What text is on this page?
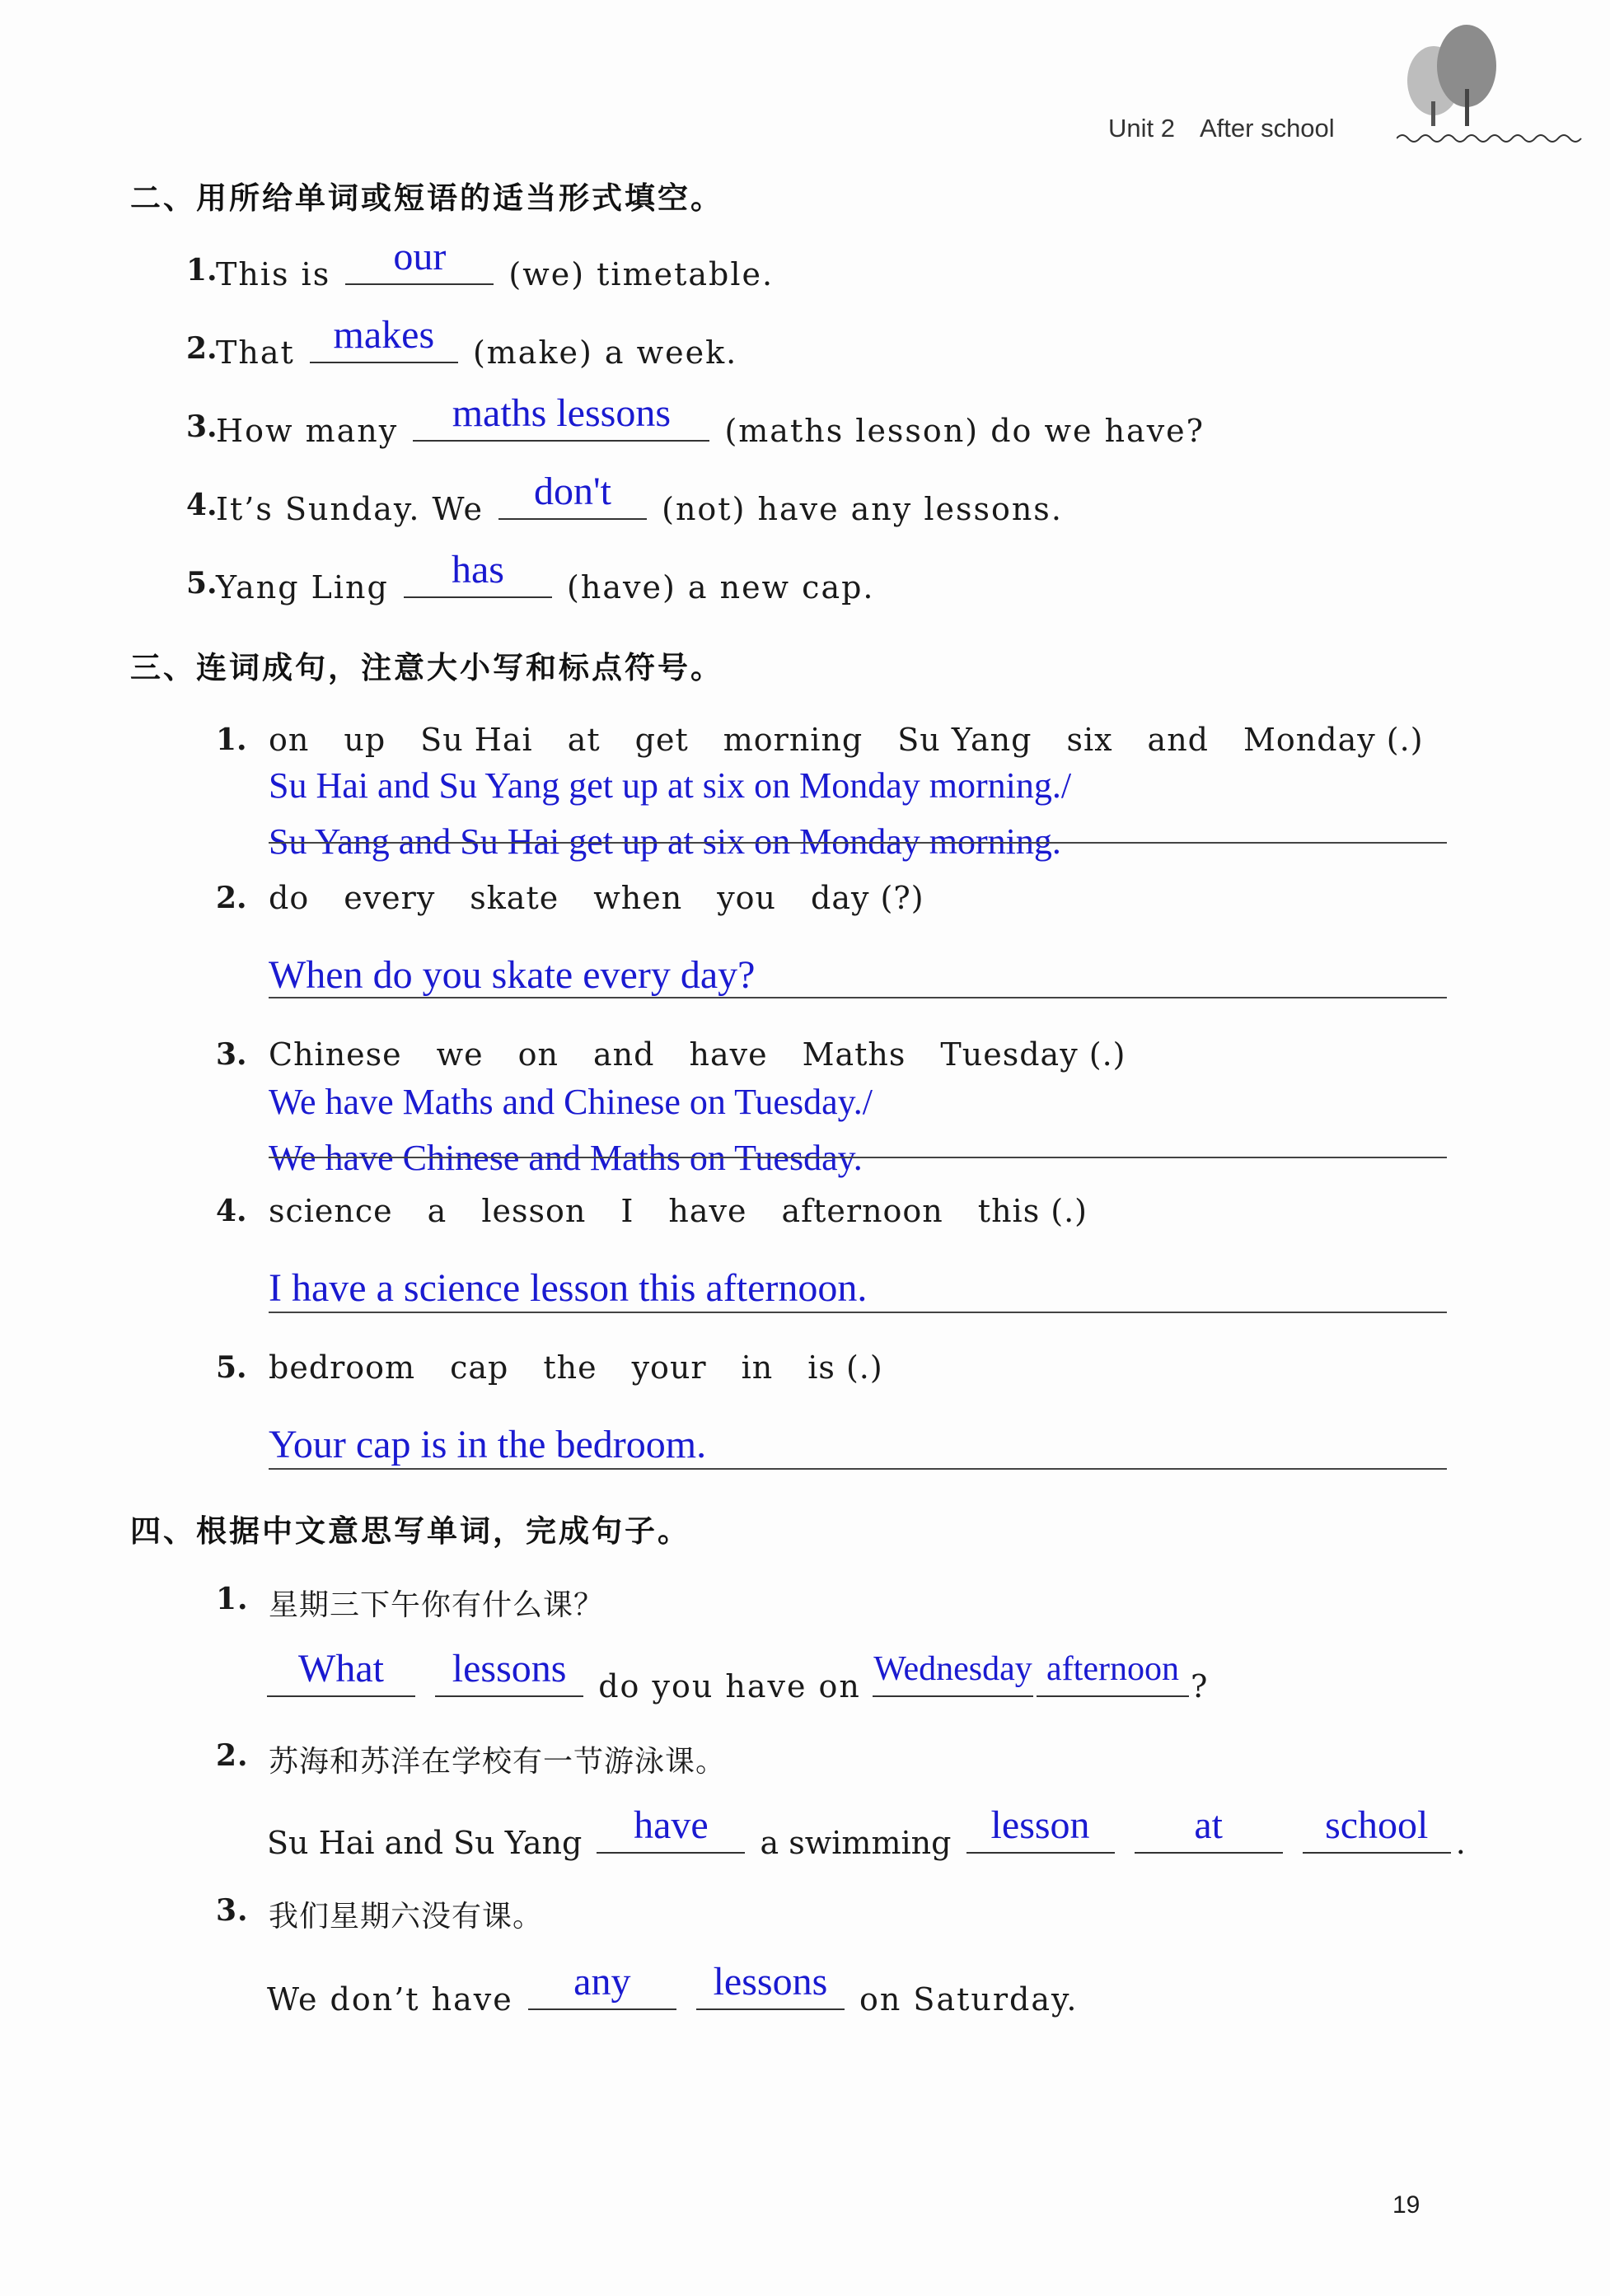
Unit 2 After school
二、用所给单词或短语的适当形式填空。
1.
This is	our	(we) timetable.
2.
That makes	(make) a week.
3.
How many	maths lessons	(maths lesson) do we have?
4.
It’s Sunday. We	don't	(not) have any lessons.
5.
Yang Ling	has	(have) a new cap.
三、连词成句，注意大小写和标点符号。
1. on up Su Hai at get morning Su Yang six and Monday (.)
Su Hai and Su Yang get up at six on Monday morning./
Su Yang and Su Hai get up at six on Monday morning.
2. do every skate when you day (?)
When do you skate every day?
3. Chinese we on and have Maths Tuesday (.)
We have Maths and Chinese on Tuesday./
We have Chinese and Maths on Tuesday.
4. science a lesson I have afternoon this (.)
I have a science lesson this afternoon.
5. bedroom cap the your in is (.)
Your cap is in the bedroom.
四、根据中文意思写单词，完成句子。
1. 星期三下午你有什么课？
What
	lessons	do you have on Wednesday afternoon ?
2. 苏海和苏洋在学校有一节游泳课。
Su Hai and Su Yang	have	a swimming	lesson
	at
	school .
3. 我们星期六没有课。
We don’t have	any
	lessons	on Saturday.
19
